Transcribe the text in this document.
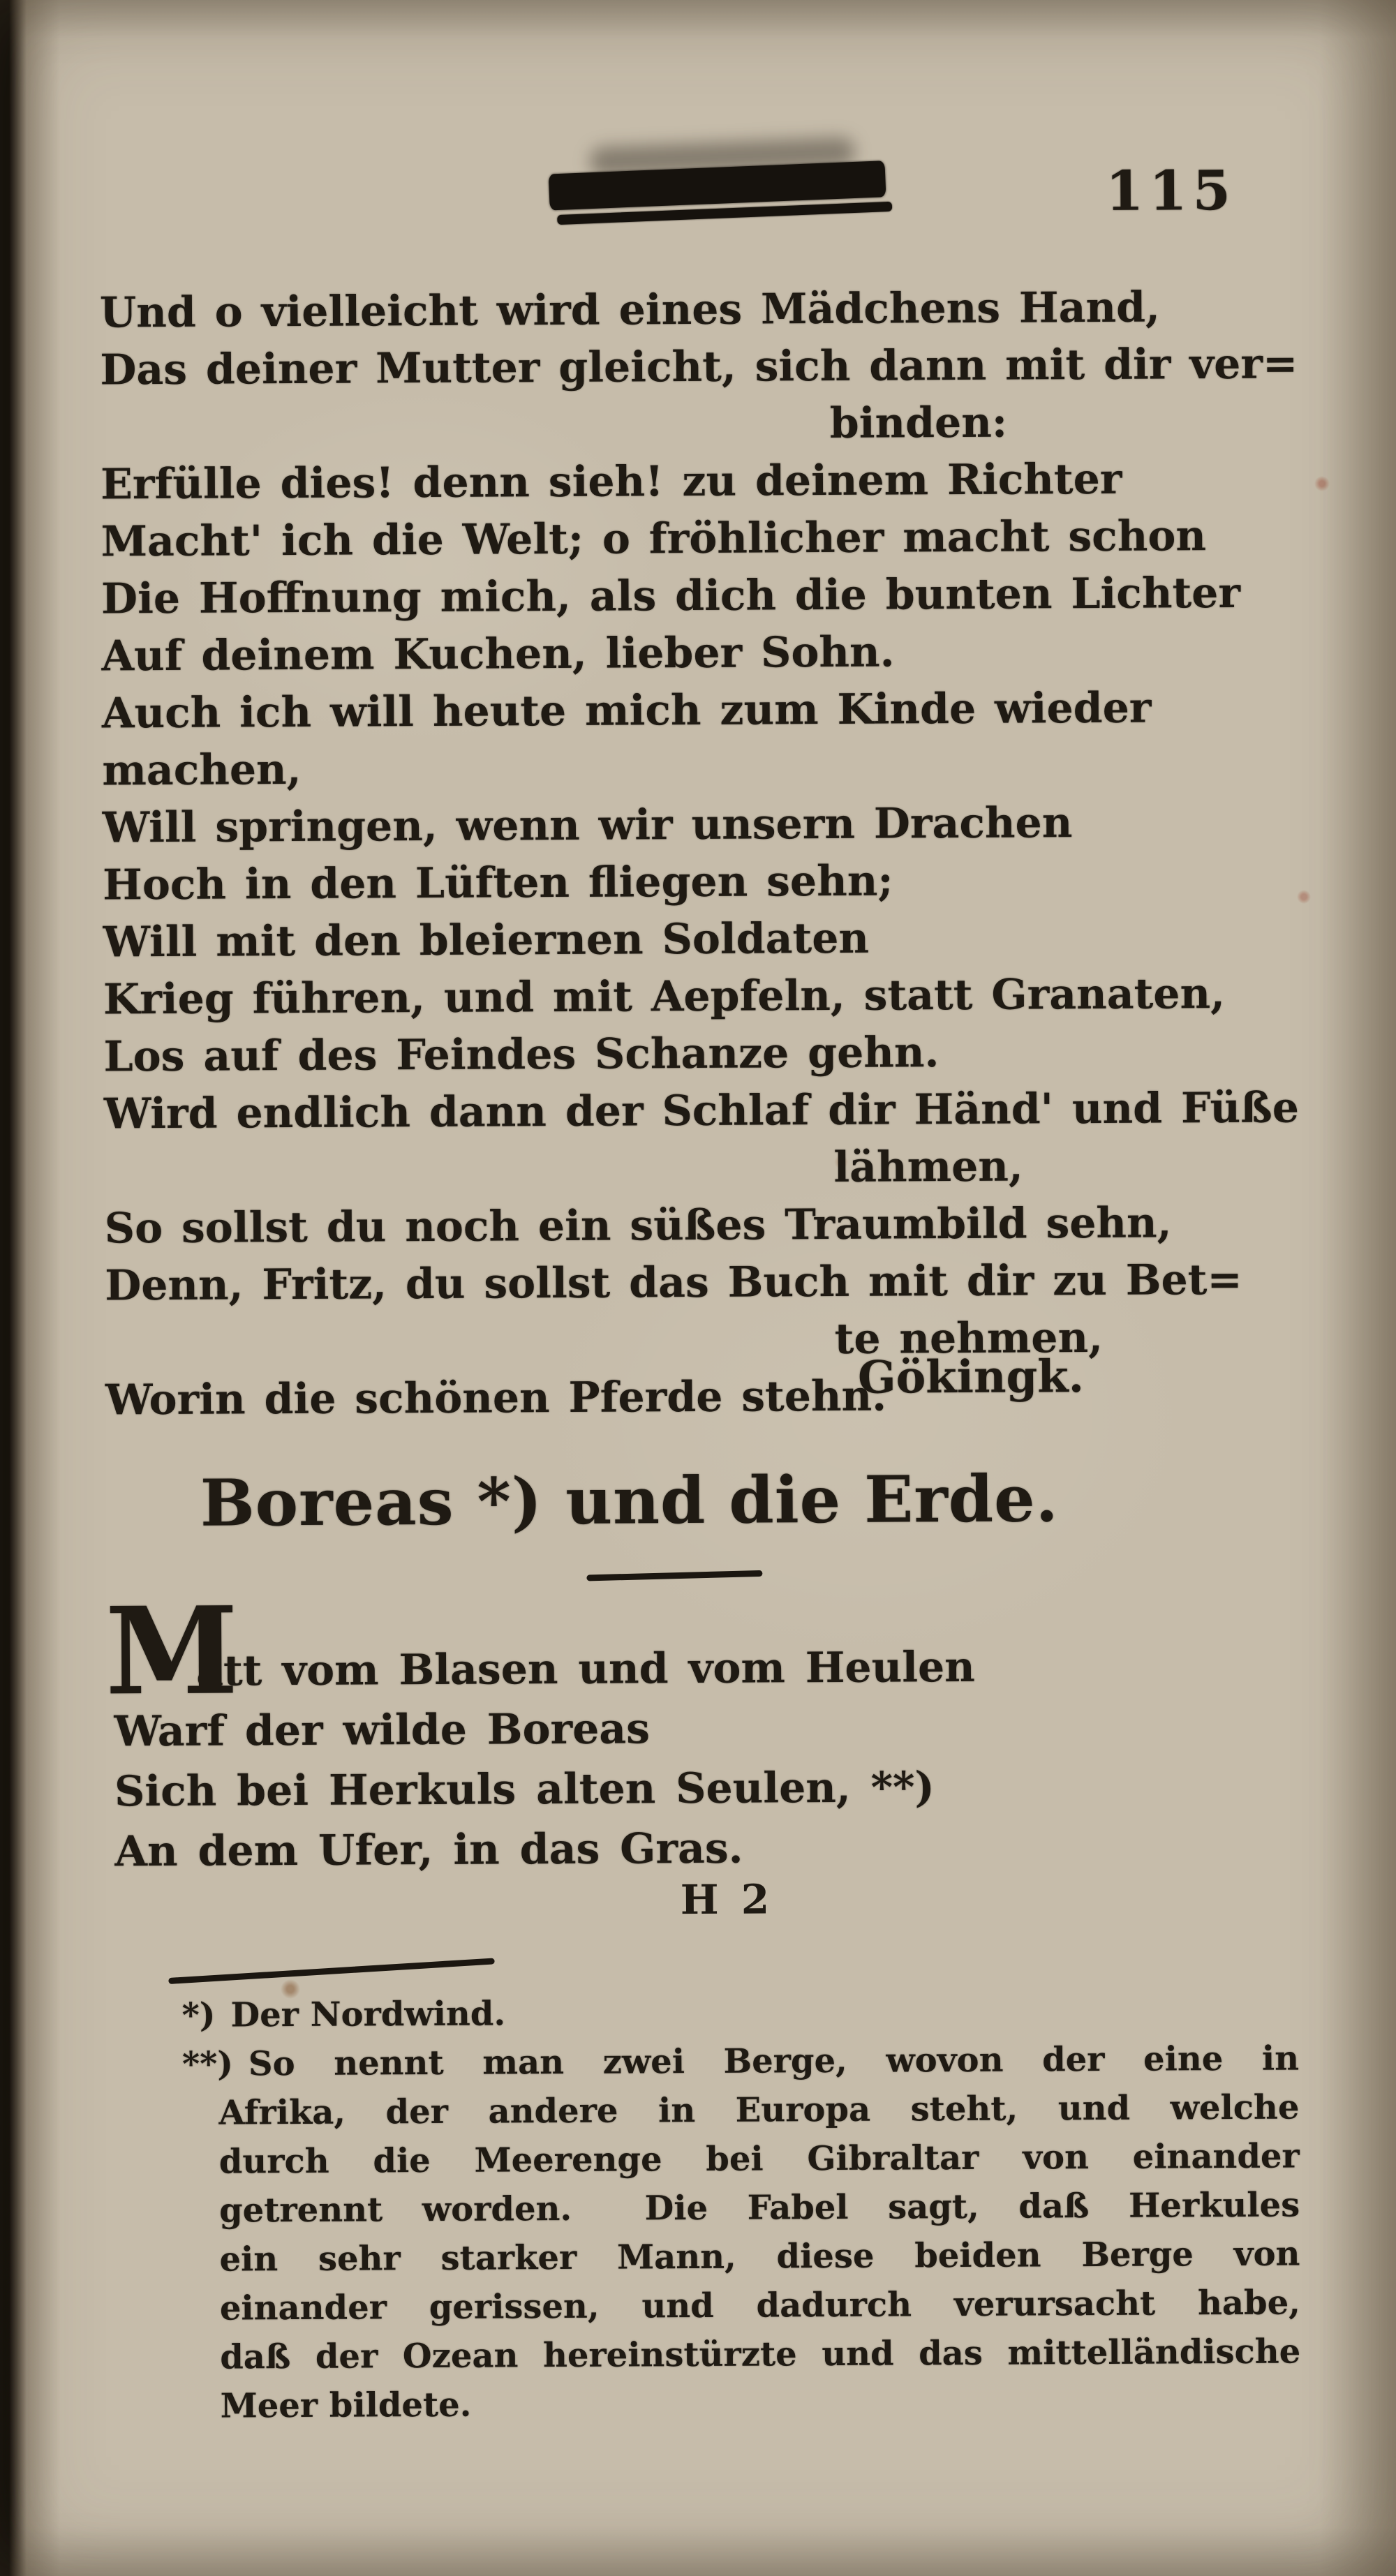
115
Und o vielleicht wird eines Mädchens Hand,
Das deiner Mutter gleicht, sich dann mit dir ver=
binden:
Erfülle dies! denn sieh! zu deinem Richter
Macht' ich die Welt; o fröhlicher macht schon
Die Hoffnung mich, als dich die bunten Lichter
Auf deinem Kuchen, lieber Sohn.
Auch ich will heute mich zum Kinde wieder machen,
Will springen, wenn wir unsern Drachen
Hoch in den Lüften fliegen sehn;
Will mit den bleiernen Soldaten
Krieg führen, und mit Aepfeln, statt Granaten,
Los auf des Feindes Schanze gehn.
Wird endlich dann der Schlaf dir Händ' und Füße
lähmen,
So sollst du noch ein süßes Traumbild sehn,
Denn, Fritz, du sollst das Buch mit dir zu Bet=
te nehmen,
Worin die schönen Pferde stehn.
Gökingk.
Boreas *) und die Erde.
M
att vom Blasen und vom Heulen
Warf der wilde Boreas
Sich bei Herkuls alten Seulen, **)
An dem Ufer, in das Gras.
H 2
*) Der Nordwind.
**) So nennt man zwei Berge, wovon der eine in
Afrika, der andere in Europa steht, und welche
durch die Meerenge bei Gibraltar von einander
getrennt worden.  Die Fabel sagt, daß Herkules
ein sehr starker Mann, diese beiden Berge von
einander gerissen, und dadurch verursacht habe,
daß der Ozean hereinstürzte und das mittelländische
Meer bildete.
